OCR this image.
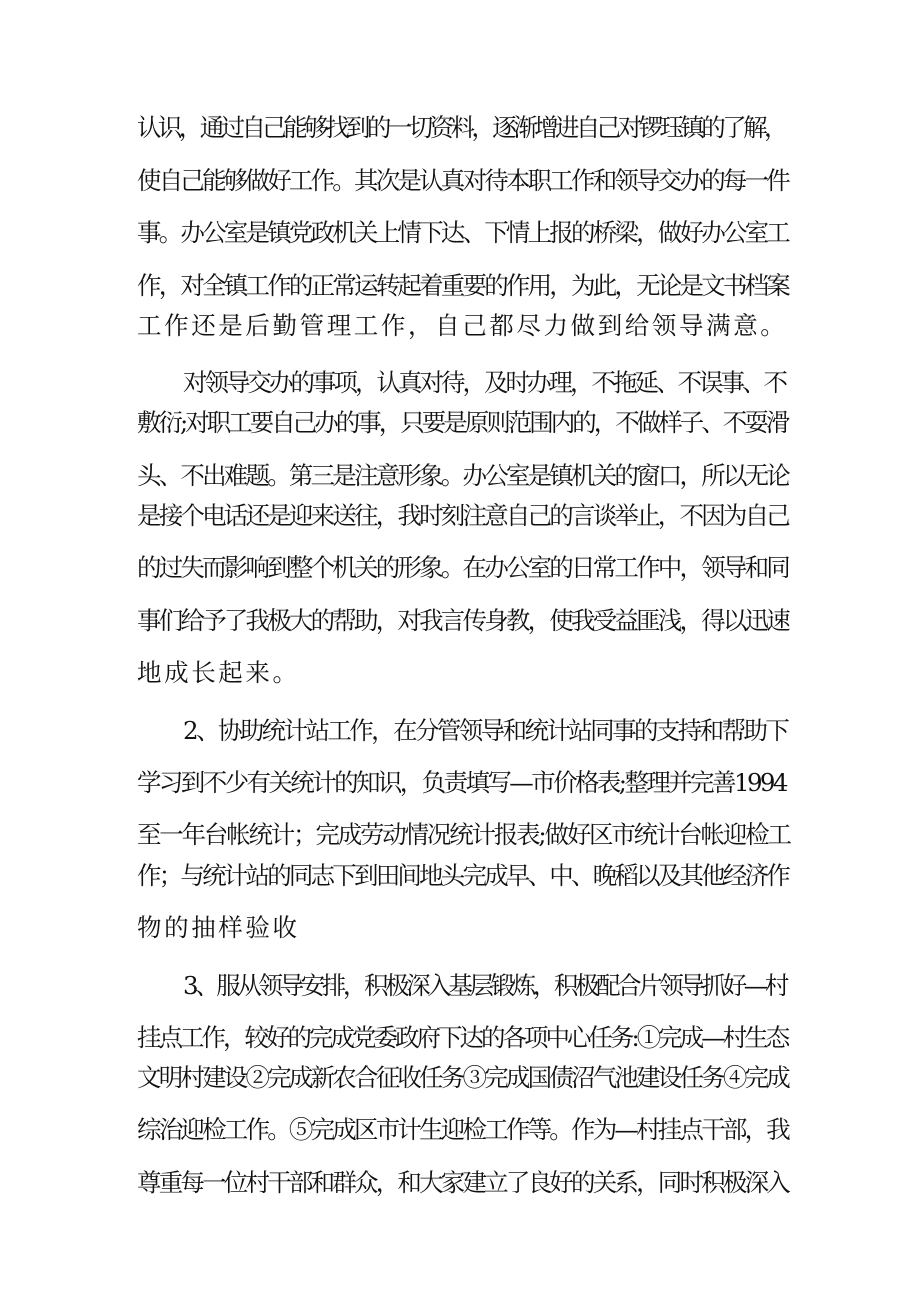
认识，通过自己能够找到的一切资料，逐渐增进自己对锣珏镇的了解，
使自己能够做好工作。其次是认真对待本职工作和领导交办的每一件
事。办公室是镇党政机关上情下达、下情上报的桥梁，做好办公室工
作，对全镇工作的正常运转起着重要的作用，为此，无论是文书档案
工作还是后勤管理工作，自己都尽力做到给领导满意。
对领导交办的事项，认真对待，及时办理，不拖延、不误事、不
敷衍;对职工要自己办的事，只要是原则范围内的，不做样子、不耍滑
头、不出难题。第三是注意形象。办公室是镇机关的窗口，所以无论
是接个电话还是迎来送往，我时刻注意自己的言谈举止，不因为自己
的过失而影响到整个机关的形象。在办公室的日常工作中，领导和同
事们给予了我极大的帮助，对我言传身教，使我受益匪浅，得以迅速
地成长起来。
2、协助统计站工作，在分管领导和统计站同事的支持和帮助下
学习到不少有关统计的知识，负责填写—市价格表;整理并完善1994
至一年台帐统计；完成劳动情况统计报表;做好区市统计台帐迎检工
作；与统计站的同志下到田间地头完成早、中、晚稻以及其他经济作
物的抽样验收
3、服从领导安排，积极深入基层锻炼，积极配合片领导抓好—村
挂点工作，较好的完成党委政府下达的各项中心任务:①完成—村生态
文明村建设②完成新农合征收任务③完成国债沼气池建设任务④完成
综治迎检工作。⑤完成区市计生迎检工作等。作为—村挂点干部，我
尊重每一位村干部和群众，和大家建立了良好的关系，同时积极深入
